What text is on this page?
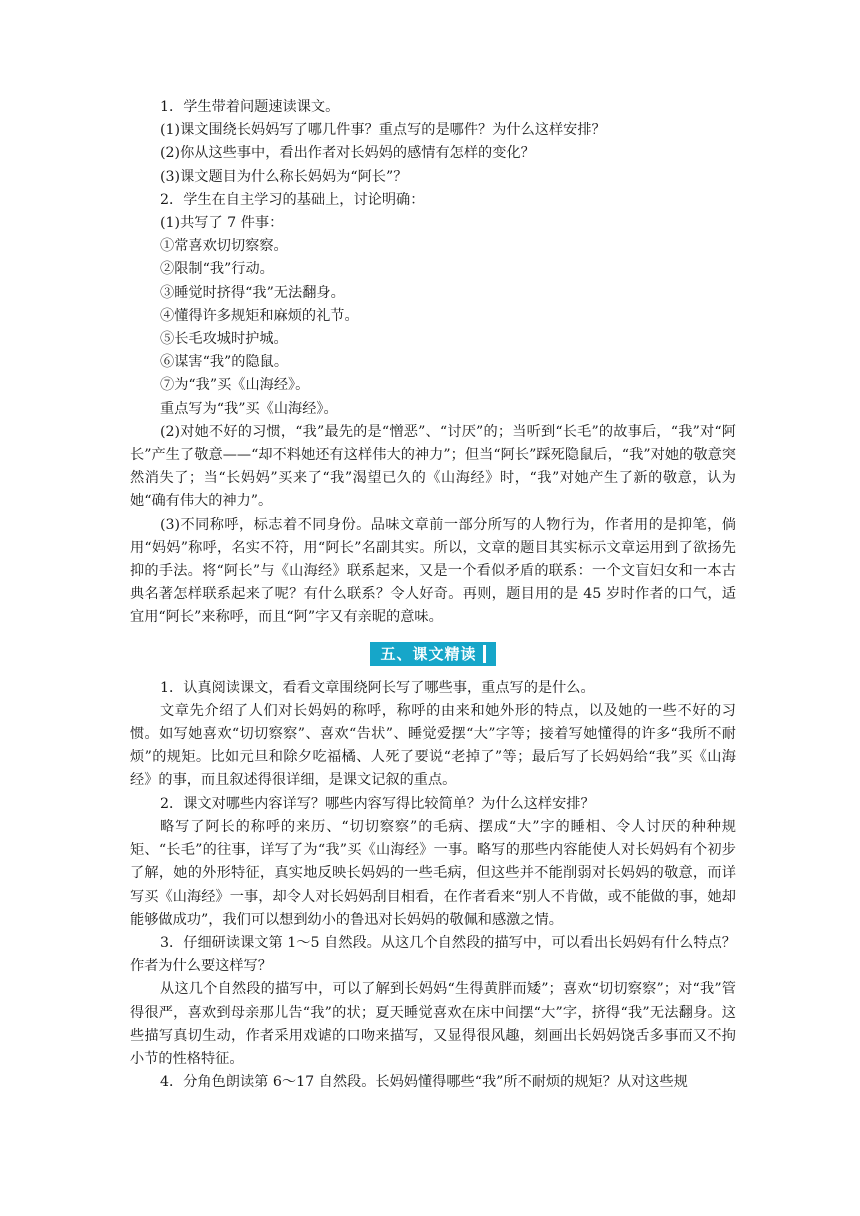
1．学生带着问题速读课文。

(1)课文围绕长妈妈写了哪几件事？重点写的是哪件？为什么这样安排？

(2)你从这些事中，看出作者对长妈妈的感情有怎样的变化？

(3)课文题目为什么称长妈妈为“阿长”？

2．学生在自主学习的基础上，讨论明确：

(1)共写了 7 件事：

①常喜欢切切察察。

②限制“我”行动。

③睡觉时挤得“我”无法翻身。

④懂得许多规矩和麻烦的礼节。

⑤长毛攻城时护城。

⑥谋害“我”的隐鼠。

⑦为“我”买《山海经》。

重点写为“我”买《山海经》。

(2)对她不好的习惯，“我”最先的是“憎恶”、“讨厌”的；当听到“长毛”的故事后，“我”对“阿长”产生了敬意——“却不料她还有这样伟大的神力”；但当“阿长”踩死隐鼠后，“我”对她的敬意突然消失了；当“长妈妈”买来了“我”渴望已久的《山海经》时，“我”对她产生了新的敬意，认为她“确有伟大的神力”。

(3)不同称呼，标志着不同身份。品味文章前一部分所写的人物行为，作者用的是抑笔，倘用“妈妈”称呼，名实不符，用“阿长”名副其实。所以，文章的题目其实标示文章运用到了欲扬先抑的手法。将“阿长”与《山海经》联系起来，又是一个看似矛盾的联系：一个文盲妇女和一本古典名著怎样联系起来了呢？有什么联系？令人好奇。再则，题目用的是 45 岁时作者的口气，适宜用“阿长”来称呼，而且“阿”字又有亲昵的意味。

五、课文精读

1．认真阅读课文，看看文章围绕阿长写了哪些事，重点写的是什么。

文章先介绍了人们对长妈妈的称呼，称呼的由来和她外形的特点，以及她的一些不好的习惯。如写她喜欢“切切察察”、喜欢“告状”、睡觉爱摆“大”字等；接着写她懂得的许多“我所不耐烦”的规矩。比如元旦和除夕吃福橘、人死了要说“老掉了”等；最后写了长妈妈给“我”买《山海经》的事，而且叙述得很详细，是课文记叙的重点。

2．课文对哪些内容详写？哪些内容写得比较简单？为什么这样安排？

略写了阿长的称呼的来历、“切切察察”的毛病、摆成“大”字的睡相、令人讨厌的种种规矩、“长毛”的往事，详写了为“我”买《山海经》一事。略写的那些内容能使人对长妈妈有个初步了解，她的外形特征，真实地反映长妈妈的一些毛病，但这些并不能削弱对长妈妈的敬意，而详写买《山海经》一事，却令人对长妈妈刮目相看，在作者看来“别人不肯做，或不能做的事，她却能够做成功”，我们可以想到幼小的鲁迅对长妈妈的敬佩和感激之情。

3．仔细研读课文第 1～5 自然段。从这几个自然段的描写中，可以看出长妈妈有什么特点？作者为什么要这样写？

从这几个自然段的描写中，可以了解到长妈妈“生得黄胖而矮”；喜欢“切切察察”；对“我”管得很严，喜欢到母亲那儿告“我”的状；夏天睡觉喜欢在床中间摆“大”字，挤得“我”无法翻身。这些描写真切生动，作者采用戏谑的口吻来描写，又显得很风趣，刻画出长妈妈饶舌多事而又不拘小节的性格特征。

4．分角色朗读第 6～17 自然段。长妈妈懂得哪些“我”所不耐烦的规矩？从对这些规
